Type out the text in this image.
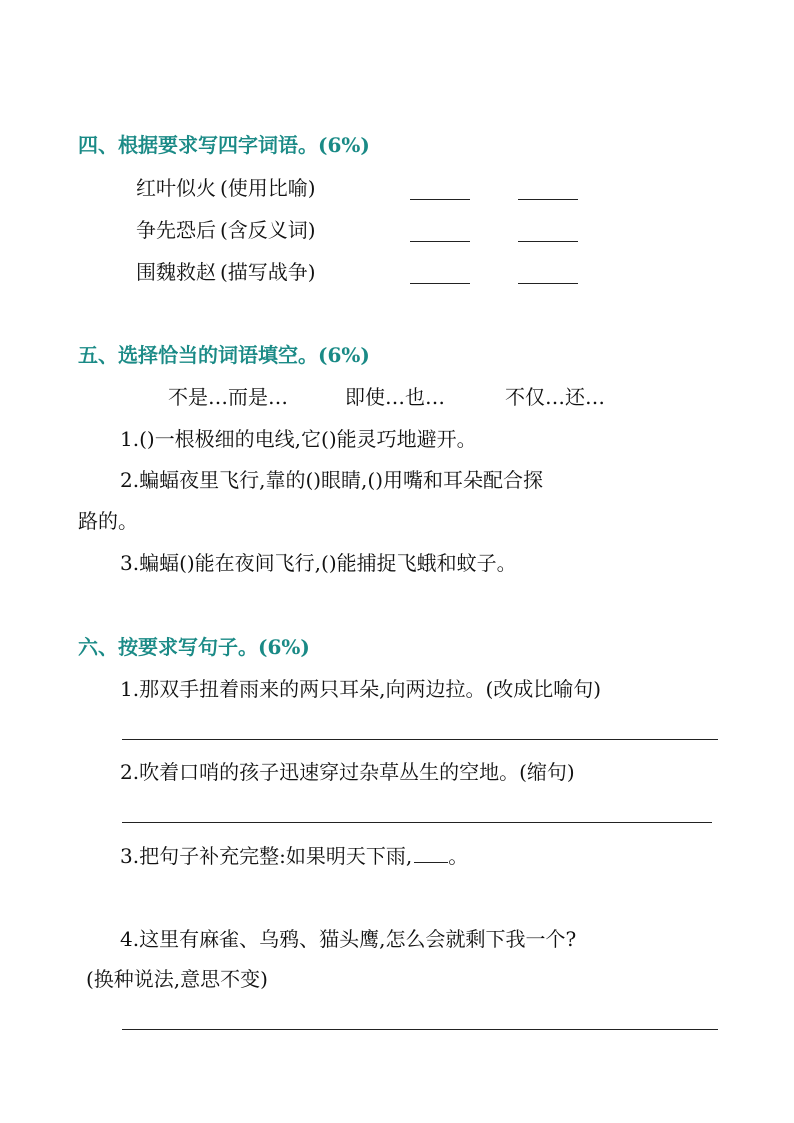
四、根据要求写四字词语。(6%)
红叶似火 (使用比喻)
争先恐后 (含反义词)
围魏救赵 (描写战争)
五、选择恰当的词语填空。(6%)
不是…而是…	即使…也…	不仅…还…
1.()一根极细的电线,它()能灵巧地避开。
2.蝙蝠夜里飞行,靠的()眼睛,()用嘴和耳朵配合探
路的。
3.蝙蝠()能在夜间飞行,()能捕捉飞蛾和蚊子。
六、按要求写句子。(6%)
1.那双手扭着雨来的两只耳朵,向两边拉。(改成比喻句)
2.吹着口哨的孩子迅速穿过杂草丛生的空地。(缩句)
3.把句子补充完整:如果明天下雨, 。
4.这里有麻雀、乌鸦、猫头鹰,怎么会就剩下我一个?
(换种说法,意思不变)
